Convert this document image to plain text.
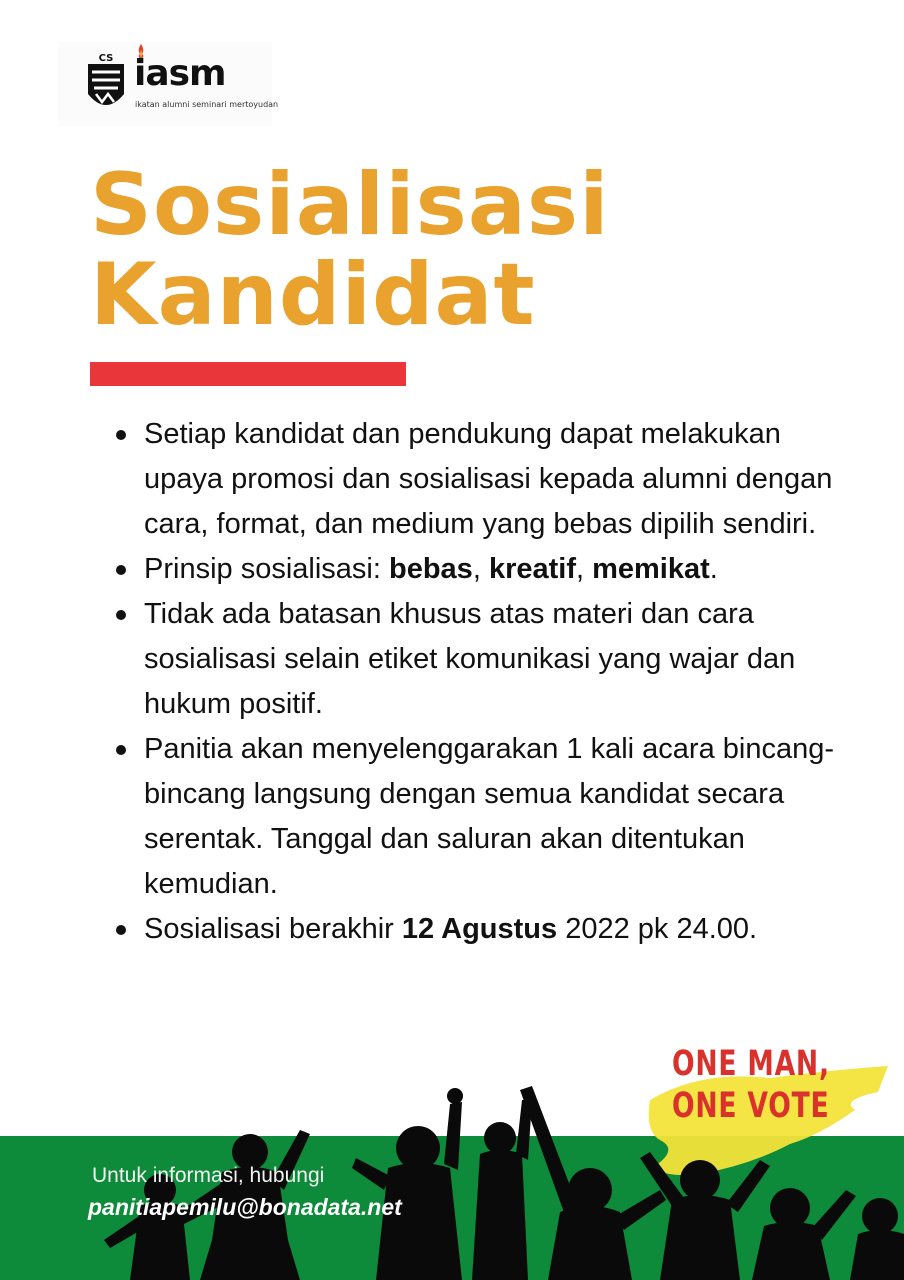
CS iasm
ikatan alumni seminari mertoyudan
Sosialisasi
Kandidat
Setiap kandidat dan pendukung dapat melakukan upaya promosi dan sosialisasi kepada alumni dengan cara, format, dan medium yang bebas dipilih sendiri.
Prinsip sosialisasi: bebas, kreatif, memikat.
Tidak ada batasan khusus atas materi dan cara sosialisasi selain etiket komunikasi yang wajar dan hukum positif.
Panitia akan menyelenggarakan 1 kali acara bincang-bincang langsung dengan semua kandidat secara serentak. Tanggal dan saluran akan ditentukan kemudian.
Sosialisasi berakhir 12 Agustus 2022 pk 24.00.
ONE MAN,
ONE VOTE
Untuk informasi, hubungi
panitiapemilu@bonadata.net
